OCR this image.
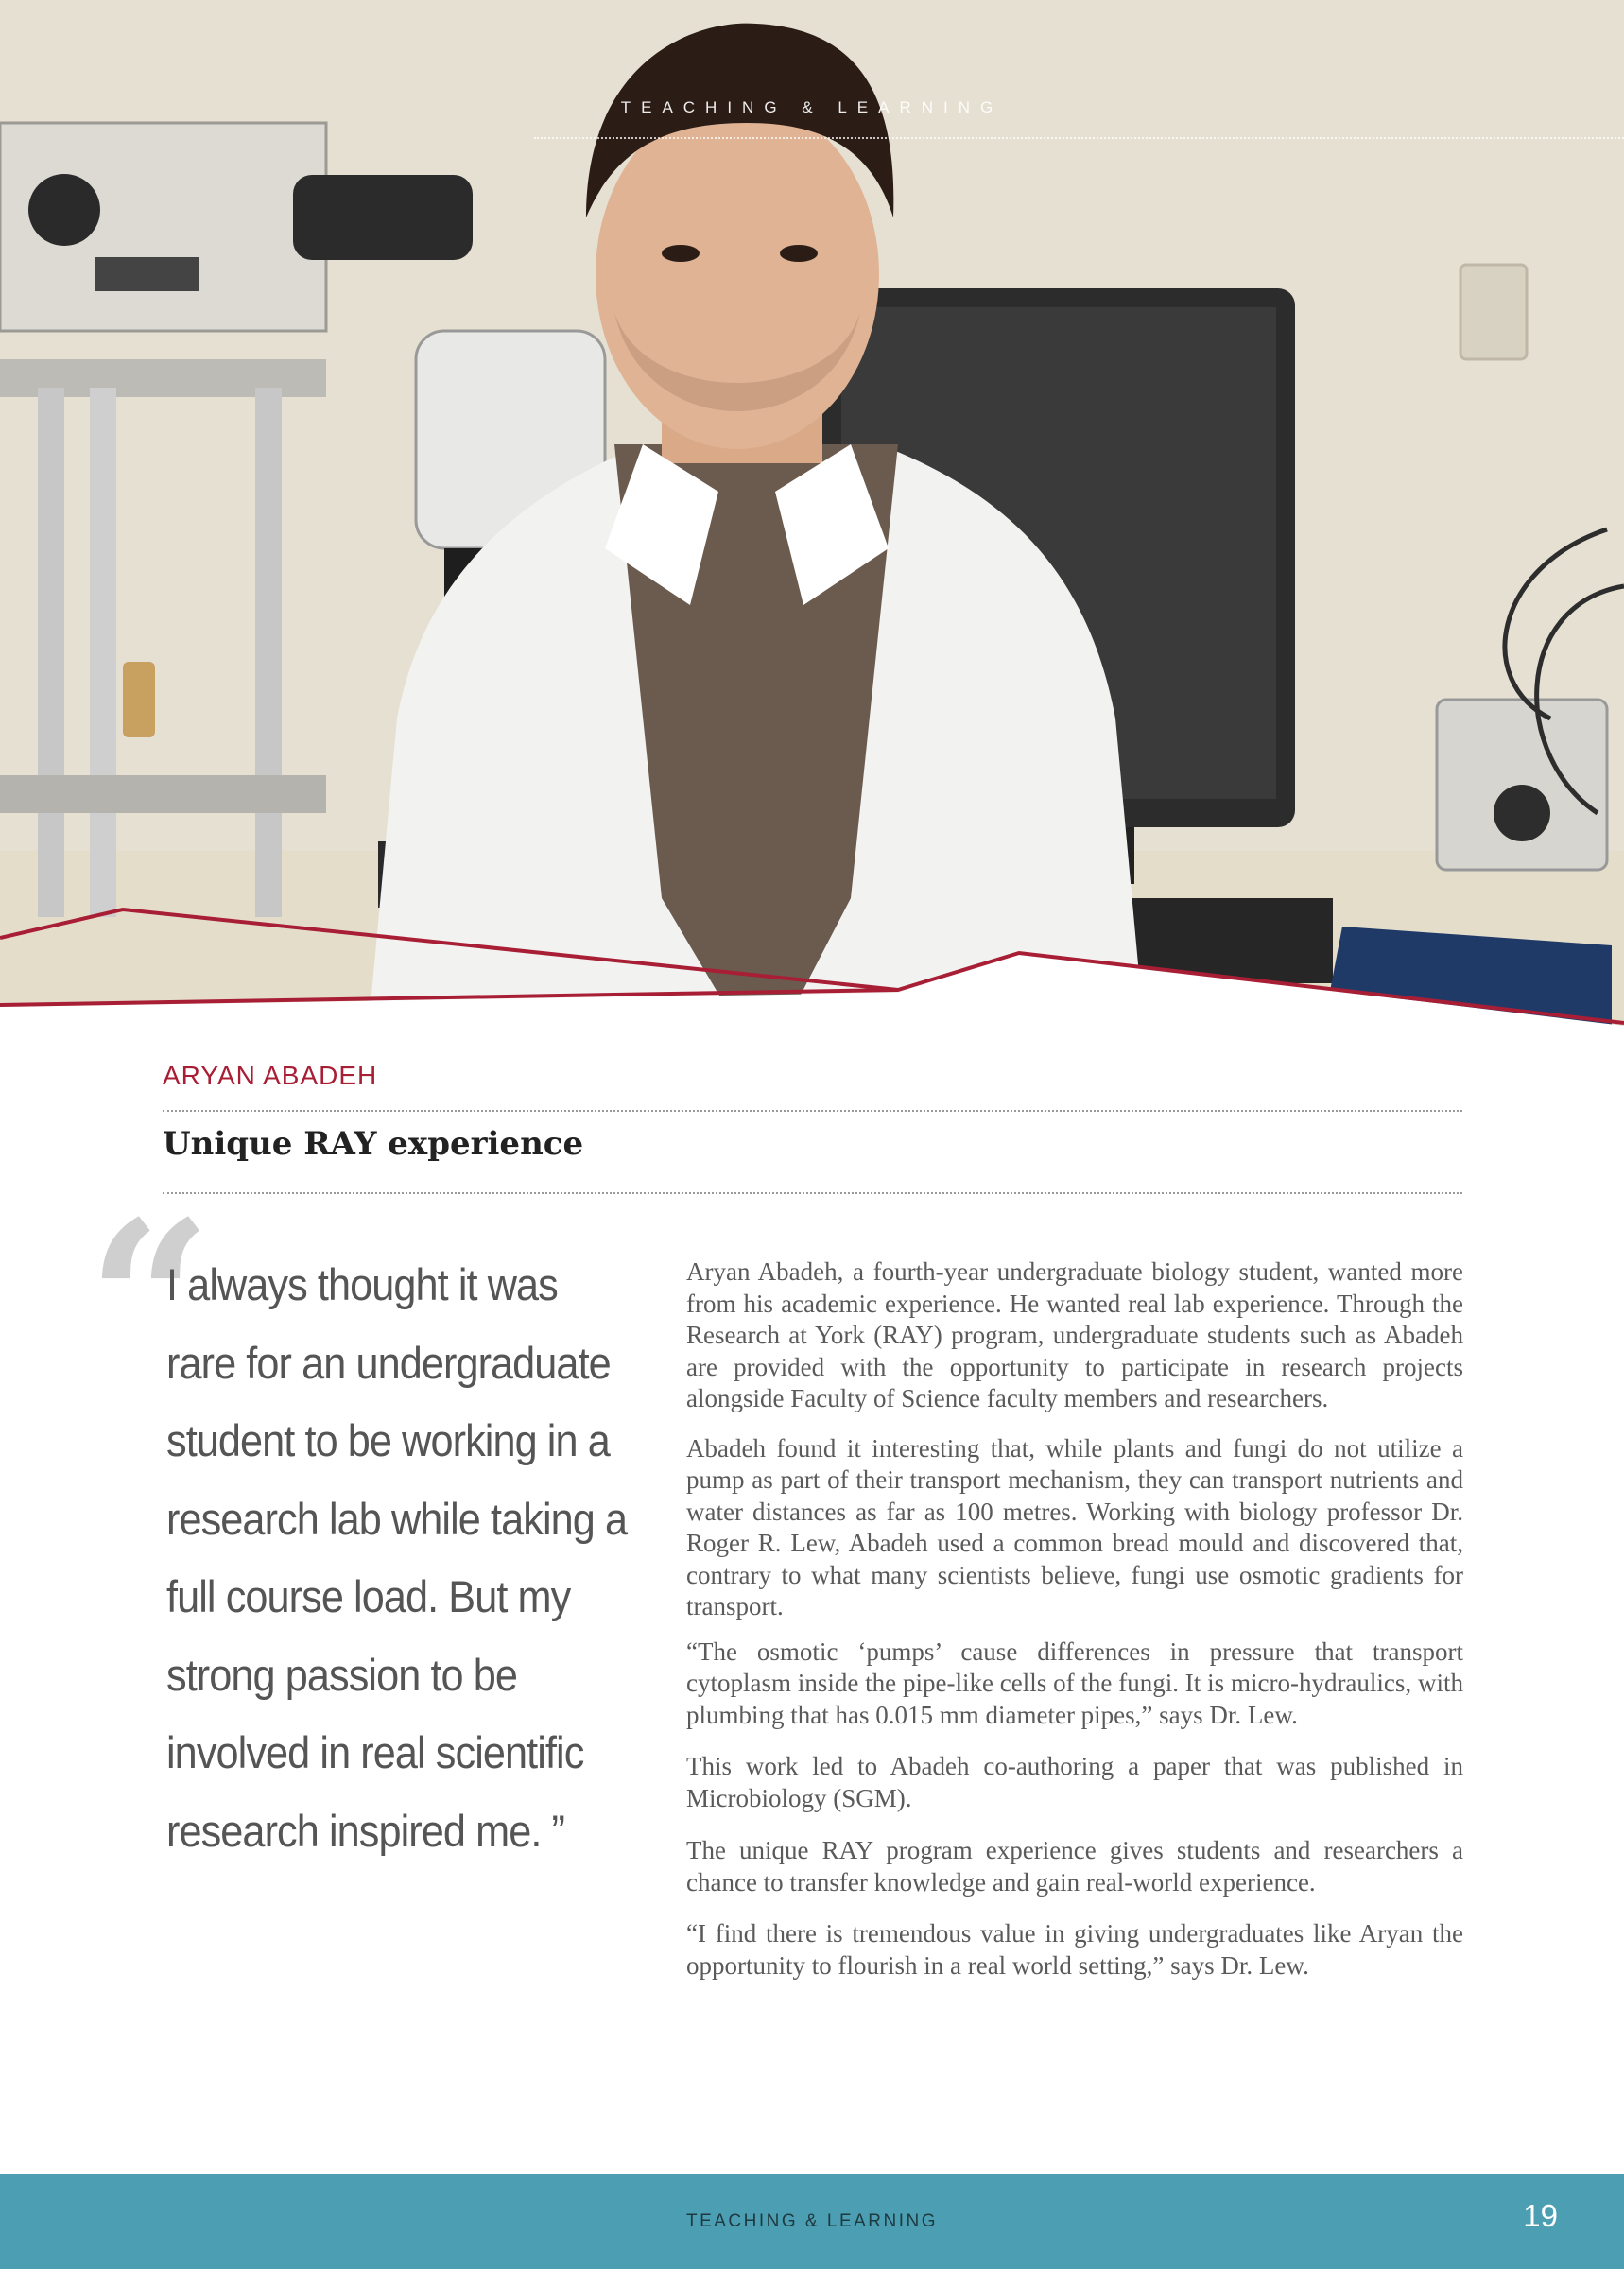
TEACHING & LEARNING
ARYAN ABADEH
Unique RAY experience
“

I always thought it was rare for an undergraduate student to be working in a research lab while taking a full course load. But my strong passion to be involved in real scientific research inspired me. ”

Aryan Abadeh, a fourth-year undergraduate biology student, wanted more from his academic experience. He wanted real lab experience. Through the Research at York (RAY) program, undergraduate students such as Abadeh are provided with the opportunity to participate in research projects alongside Faculty of Science faculty members and researchers.

Abadeh found it interesting that, while plants and fungi do not utilize a pump as part of their transport mechanism, they can transport nutrients and water distances as far as 100 metres. Working with biology professor Dr. Roger R. Lew, Abadeh used a common bread mould and discovered that, contrary to what many scientists believe, fungi use osmotic gradients for transport.

“The osmotic ‘pumps’ cause differences in pressure that transport cytoplasm inside the pipe-like cells of the fungi. It is micro-hydraulics, with plumbing that has 0.015 mm diameter pipes,” says Dr. Lew.

This work led to Abadeh co-authoring a paper that was published in Microbiology (SGM).

The unique RAY program experience gives students and researchers a chance to transfer knowledge and gain real-world experience.

“I find there is tremendous value in giving undergraduates like Aryan the opportunity to flourish in a real world setting,” says Dr. Lew.

TEACHING & LEARNING	19
